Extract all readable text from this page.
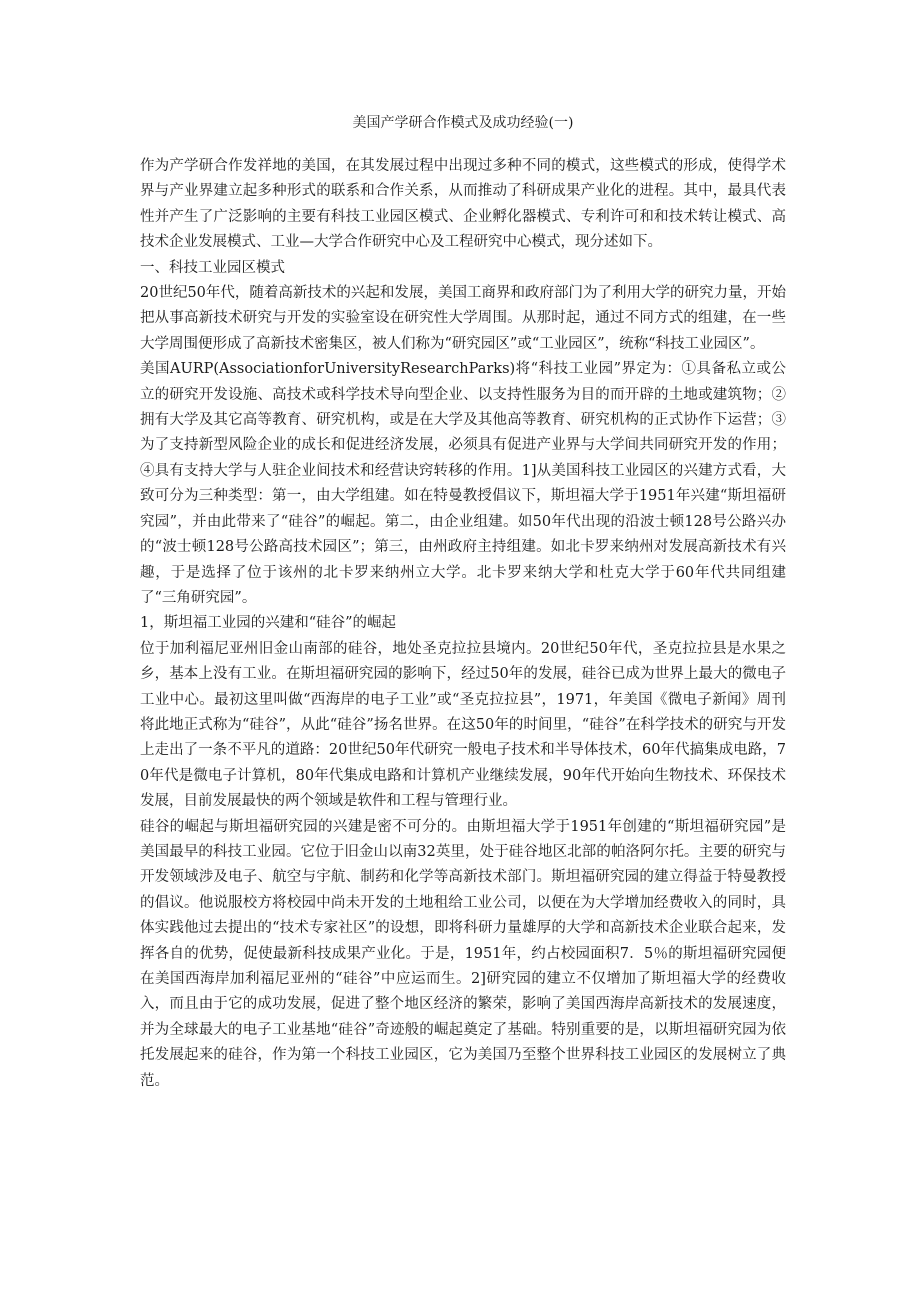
美国产学研合作模式及成功经验(一)

作为产学研合作发祥地的美国，在其发展过程中出现过多种不同的模式，这些模式的形成，使得学术界与产业界建立起多种形式的联系和合作关系，从而推动了科研成果产业化的进程。其中，最具代表性并产生了广泛影响的主要有科技工业园区模式、企业孵化器模式、专利许可和和技术转让模式、高技术企业发展模式、工业—大学合作研究中心及工程研究中心模式，现分述如下。

一、科技工业园区模式

20世纪50年代，随着高新技术的兴起和发展，美国工商界和政府部门为了利用大学的研究力量，开始把从事高新技术研究与开发的实验室设在研究性大学周围。从那时起，通过不同方式的组建，在一些大学周围便形成了高新技术密集区，被人们称为“研究园区”或“工业园区”，统称“科技工业园区”。

美国AURP(AssociationforUniversityResearchParks)将“科技工业园”界定为：①具备私立或公立的研究开发设施、高技术或科学技术导向型企业、以支持性服务为目的而开辟的土地或建筑物；②拥有大学及其它高等教育、研究机构，或是在大学及其他高等教育、研究机构的正式协作下运营；③为了支持新型风险企业的成长和促进经济发展，必须具有促进产业界与大学间共同研究开发的作用；④具有支持大学与人驻企业间技术和经营诀窍转移的作用。1]从美国科技工业园区的兴建方式看，大致可分为三种类型：第一，由大学组建。如在特曼教授倡议下，斯坦福大学于1951年兴建“斯坦福研究园”，并由此带来了“硅谷”的崛起。第二，由企业组建。如50年代出现的沿波士顿128号公路兴办的“波士顿128号公路高技术园区”；第三，由州政府主持组建。如北卡罗来纳州对发展高新技术有兴趣，于是选择了位于该州的北卡罗来纳州立大学。北卡罗来纳大学和杜克大学于60年代共同组建了“三角研究园”。

1，斯坦福工业园的兴建和“硅谷”的崛起

位于加利福尼亚州旧金山南部的硅谷，地处圣克拉拉县境内。20世纪50年代，圣克拉拉县是水果之乡，基本上没有工业。在斯坦福研究园的影响下，经过50年的发展，硅谷已成为世界上最大的微电子工业中心。最初这里叫做“西海岸的电子工业”或“圣克拉拉县”，1971，年美国《微电子新闻》周刊将此地正式称为“硅谷”，从此“硅谷”扬名世界。在这50年的时间里，“硅谷”在科学技术的研究与开发上走出了一条不平凡的道路：20世纪50年代研究一般电子技术和半导体技术，60年代搞集成电路，70年代是微电子计算机，80年代集成电路和计算机产业继续发展，90年代开始向生物技术、环保技术发展，目前发展最快的两个领域是软件和工程与管理行业。

硅谷的崛起与斯坦福研究园的兴建是密不可分的。由斯坦福大学于1951年创建的“斯坦福研究园”是美国最早的科技工业园。它位于旧金山以南32英里，处于硅谷地区北部的帕洛阿尔托。主要的研究与开发领域涉及电子、航空与宇航、制药和化学等高新技术部门。斯坦福研究园的建立得益于特曼教授的倡议。他说服校方将校园中尚未开发的土地租给工业公司，以便在为大学增加经费收入的同时，具体实践他过去提出的“技术专家社区”的设想，即将科研力量雄厚的大学和高新技术企业联合起来，发挥各自的优势，促使最新科技成果产业化。于是，1951年，约占校园面积7．5％的斯坦福研究园便在美国西海岸加利福尼亚州的“硅谷”中应运而生。2]研究园的建立不仅增加了斯坦福大学的经费收入，而且由于它的成功发展，促进了整个地区经济的繁荣，影响了美国西海岸高新技术的发展速度，并为全球最大的电子工业基地“硅谷”奇迹般的崛起奠定了基础。特别重要的是，以斯坦福研究园为依托发展起来的硅谷，作为第一个科技工业园区，它为美国乃至整个世界科技工业园区的发展树立了典范。
